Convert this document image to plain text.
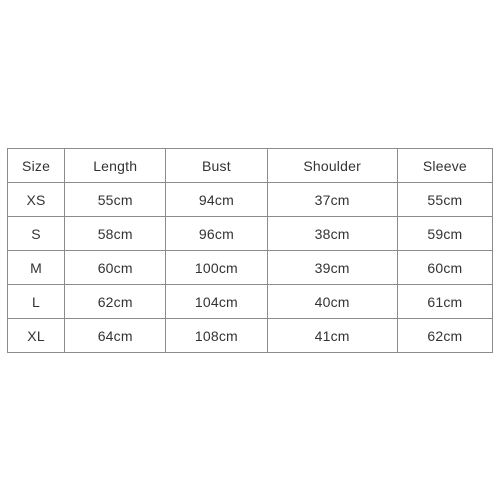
Size	Length	Bust	Shoulder	Sleeve
XS	55cm	94cm	37cm	55cm
S	58cm	96cm	38cm	59cm
M	60cm	100cm	39cm	60cm
L	62cm	104cm	40cm	61cm
XL	64cm	108cm	41cm	62cm
